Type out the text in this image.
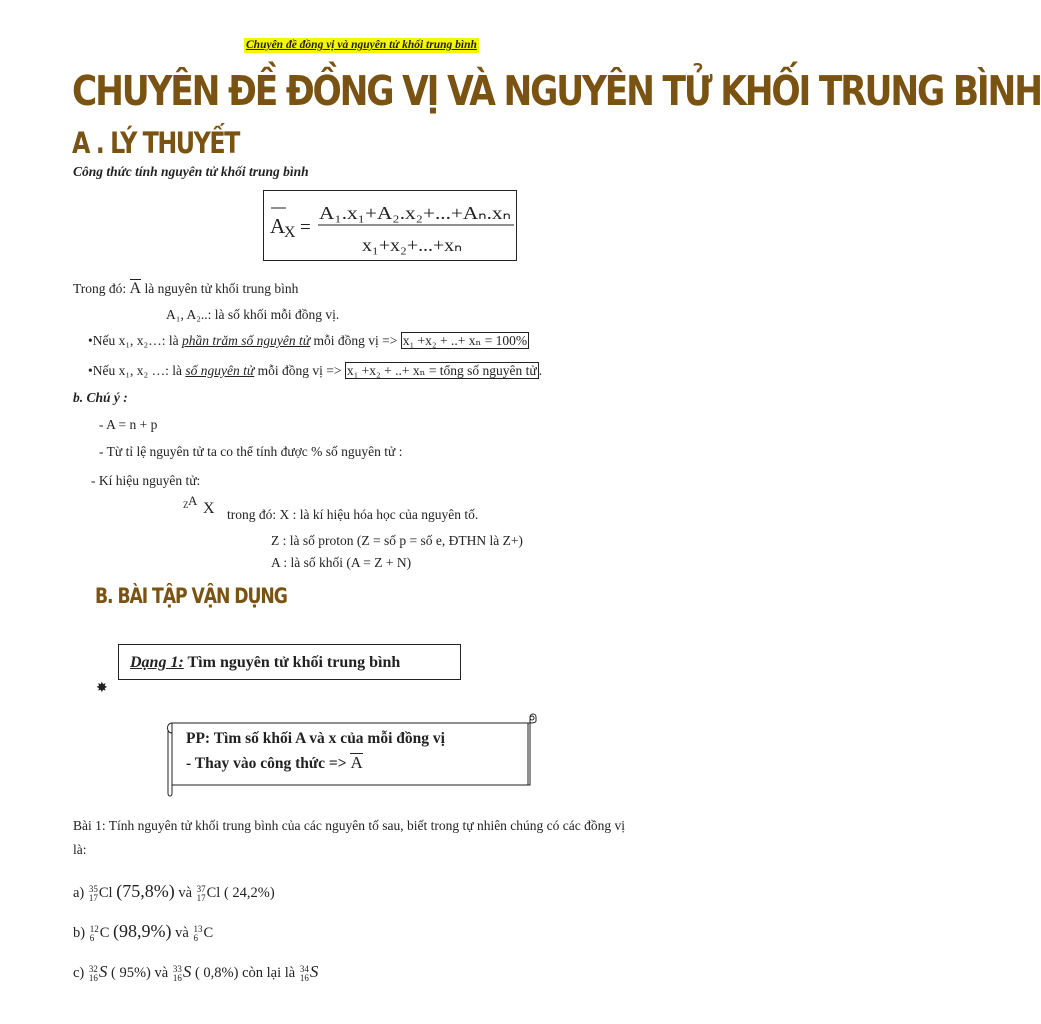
Chuyên đề đồng vị và nguyên tử khối trung bình
CHUYÊN ĐỀ ĐỒNG VỊ VÀ NGUYÊN TỬ KHỐI TRUNG BÌNH
A . LÝ THUYẾT
Công thức tính nguyên tử khối trung bình
A
X =
A₁.x₁+A₂.x₂+...+Aₙ.xₙ
x₁+x₂+...+xₙ
Trong đó: A là nguyên tử khối trung bình
A₁, A₂..: là số khối mỗi đồng vị.
•Nếu x₁, x₂…: là phần trăm số nguyên tử mỗi đồng vị => x₁ +x₂ + ..+ xₙ = 100%
•Nếu x₁, x₂ …: là số nguyên tử mỗi đồng vị => x₁ +x₂ + ..+ xₙ = tổng số nguyên tử .
b. Chú ý :
- A = n + p
- Từ tỉ lệ nguyên tử ta co thể tính được % số nguyên tử :
- Kí hiệu nguyên tử:
Z A X trong đó: X : là kí hiệu hóa học của nguyên tố.
Z : là số proton (Z = số p = số e, ĐTHN là Z+)
A : là số khối (A = Z + N)
B. BÀI TẬP VẬN DỤNG
Dạng 1: Tìm nguyên tử khối trung bình
✸
PP: Tìm số khối A và x của mỗi đồng vị
- Thay vào công thức => A
Bài 1: Tính nguyên tử khối trung bình của các nguyên tố sau, biết trong tự nhiên chúng có các đồng vị
là:
a) 35
17 Cl (75,8%) và 37
17 Cl ( 24,2%)
b) 12
6 C (98,9%) và 13
6 C
c) 32
16 S ( 95%) và 33
16 S ( 0,8%) còn lại là 34
16 S
